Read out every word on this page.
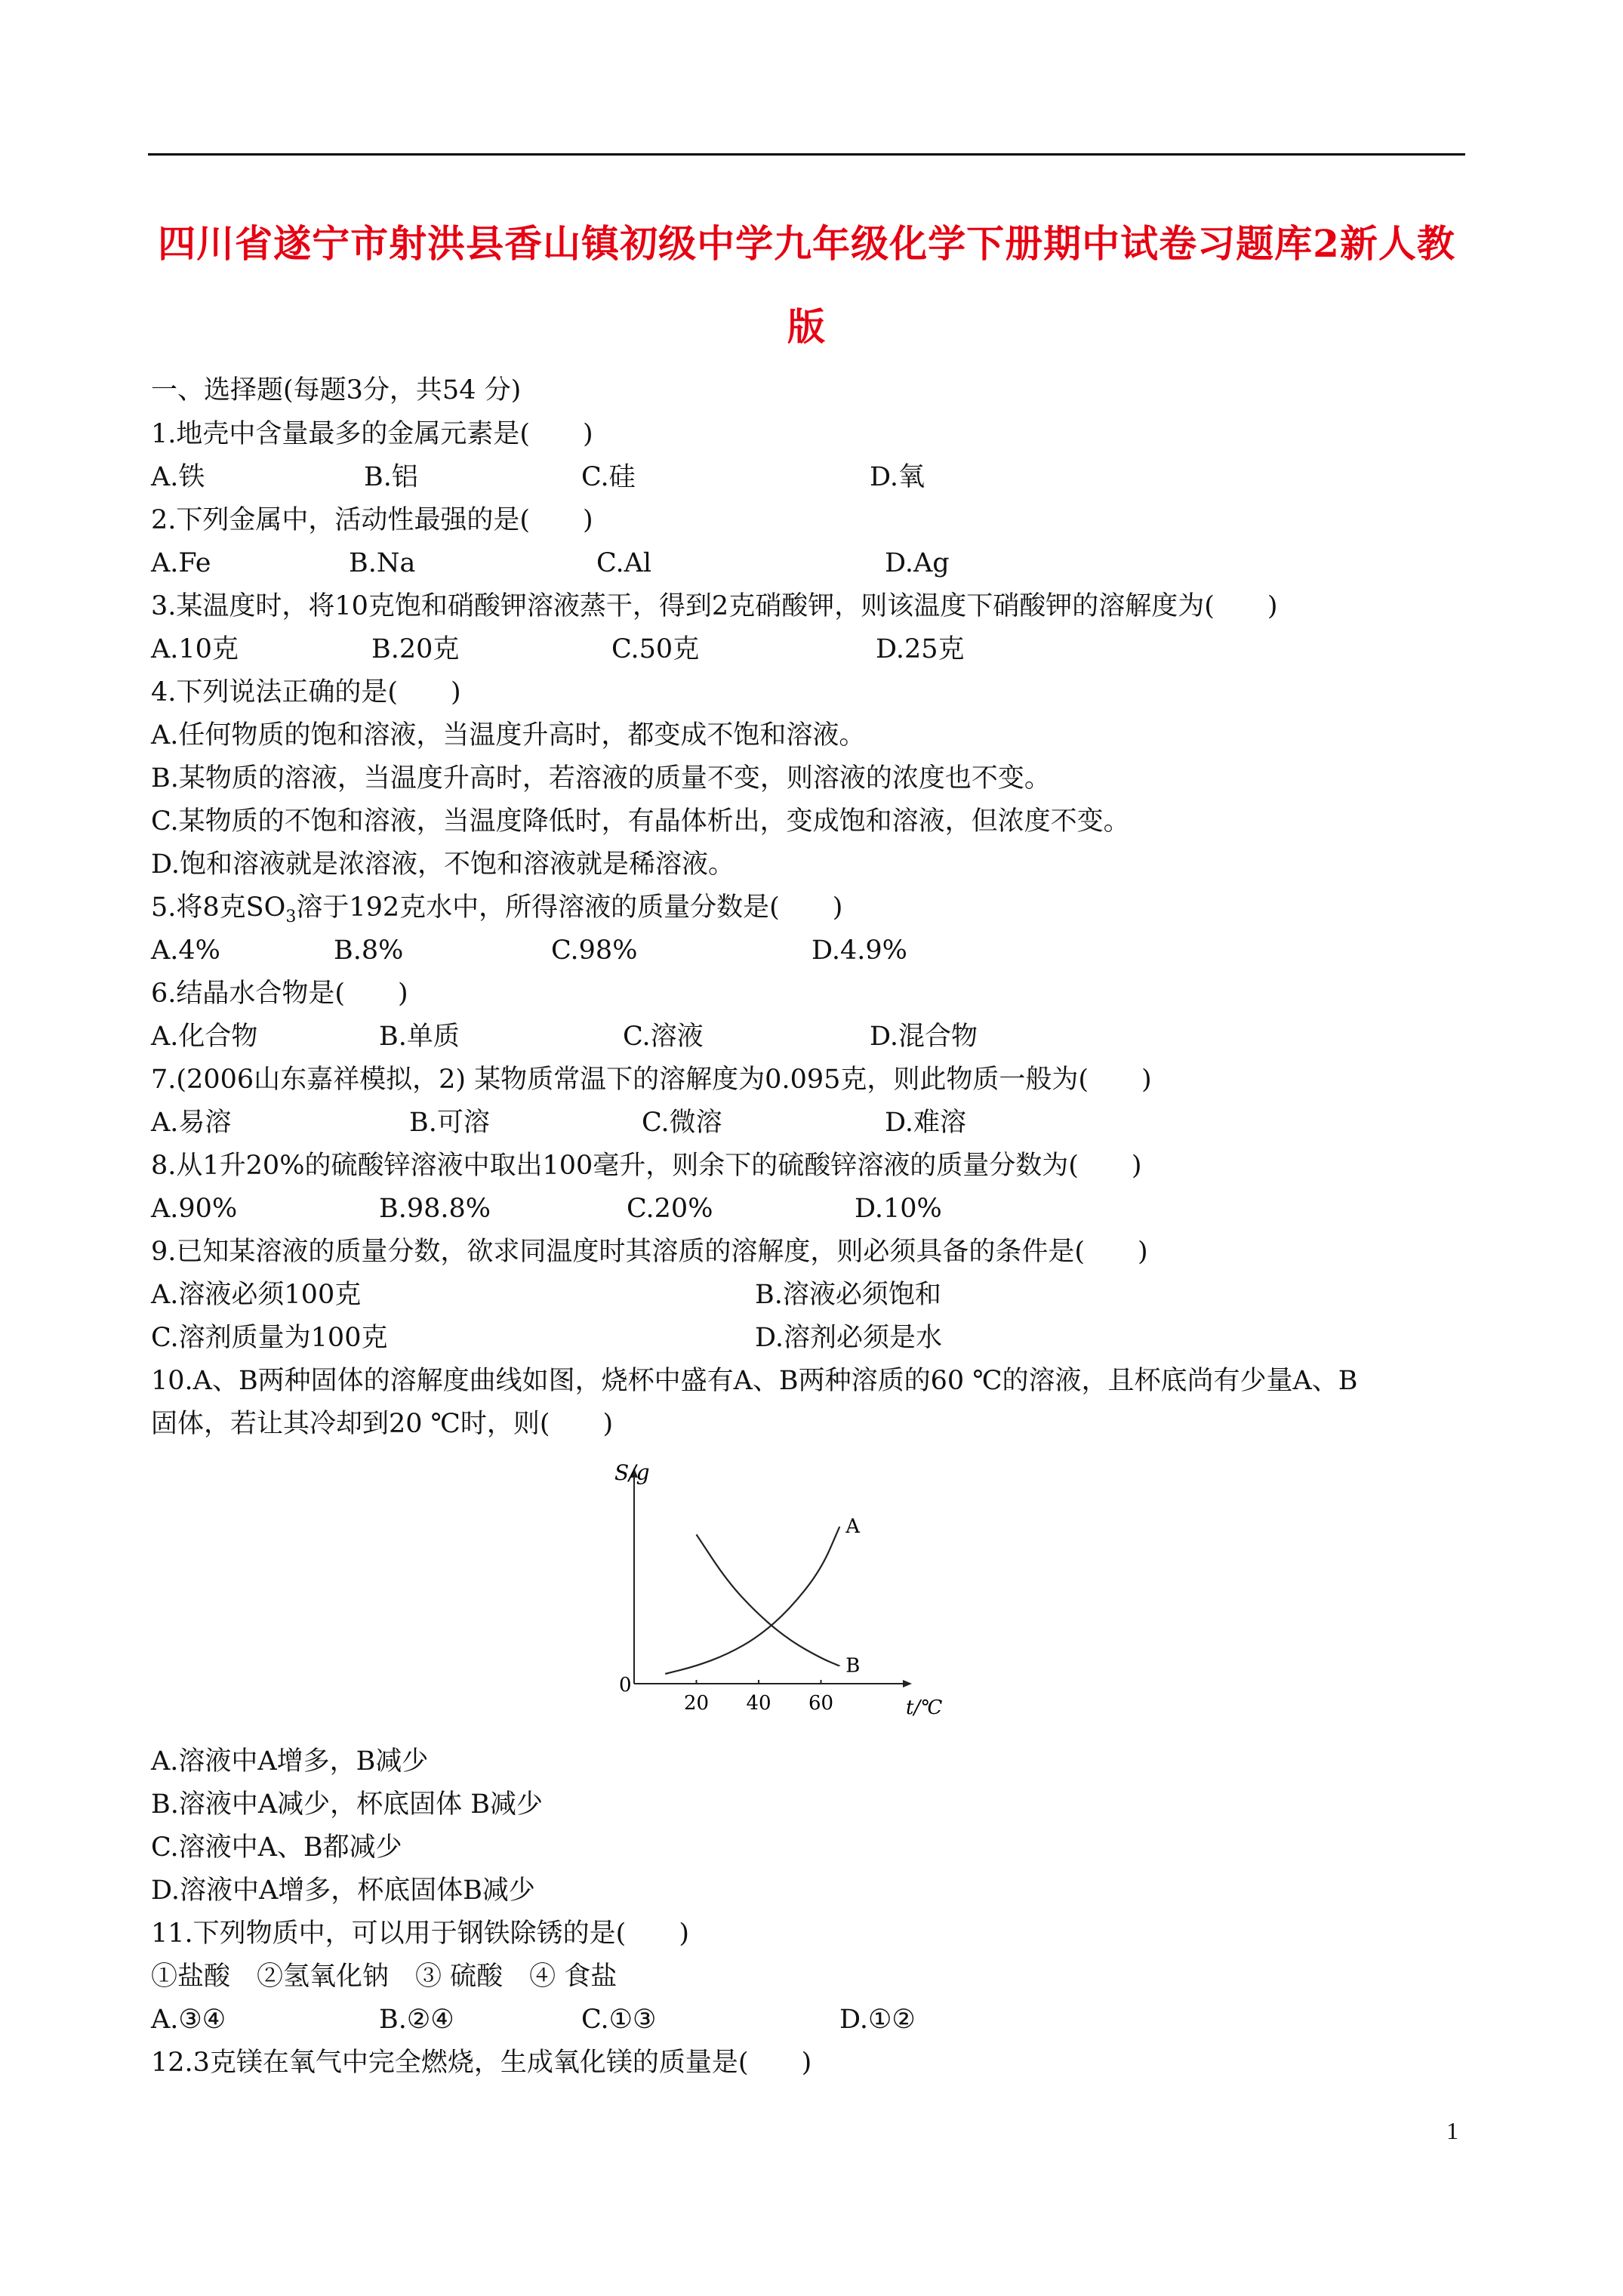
四川省遂宁市射洪县香山镇初级中学九年级化学下册期中试卷习题库2新人教版
一、选择题(每题3分，共54 分)
1.地壳中含量最多的金属元素是(　　)
A.铁	B.铝	C.硅	D.氧
2.下列金属中，活动性最强的是(　　)
A.Fe	B.Na	C.Al	D.Ag
3.某温度时，将10克饱和硝酸钾溶液蒸干，得到2克硝酸钾，则该温度下硝酸钾的溶解度为(　　)
A.10克	B.20克	C.50克	D.25克
4.下列说法正确的是(　　)
A.任何物质的饱和溶液，当温度升高时，都变成不饱和溶液。
B.某物质的溶液，当温度升高时，若溶液的质量不变，则溶液的浓度也不变。
C.某物质的不饱和溶液，当温度降低时，有晶体析出，变成饱和溶液，但浓度不变。
D.饱和溶液就是浓溶液，不饱和溶液就是稀溶液。
5.将8克$SO_3$溶于192克水中，所得溶液的质量分数是(　　)
A.4%	B.8%	C.98%	D.4.9%
6.结晶水合物是(　　)
A.化合物	B.单质	C.溶液	D.混合物
7.(2006山东嘉祥模拟，2) 某物质常温下的溶解度为0.095克，则此物质一般为(　　)
A.易溶	B.可溶	C.微溶	D.难溶
8.从1升20%的硫酸锌溶液中取出100毫升，则余下的硫酸锌溶液的质量分数为(　　)
A.90%	B.98.8%	C.20%	D.10%
9.已知某溶液的质量分数，欲求同温度时其溶质的溶解度，则必须具备的条件是(　　)
A.溶液必须100克	B.溶液必须饱和
C.溶剂质量为100克	D.溶剂必须是水
10.A、B两种固体的溶解度曲线如图，烧杯中盛有A、B两种溶质的60 ℃的溶液，且杯底尚有少量A、B
固体，若让其冷却到20 ℃时，则(　　)
S/g
t/℃
0
20 40 60
A
B
A.溶液中A增多，B减少
B.溶液中A减少，杯底固体 B减少
C.溶液中A、B都减少
D.溶液中A增多，杯底固体B减少
11.下列物质中，可以用于钢铁除锈的是(　　)
①盐酸　②氢氧化钠　③ 硫酸　④ 食盐
A.③④	B.②④	C.①③	D.①②
12.3克镁在氧气中完全燃烧，生成氧化镁的质量是(　　)
1
